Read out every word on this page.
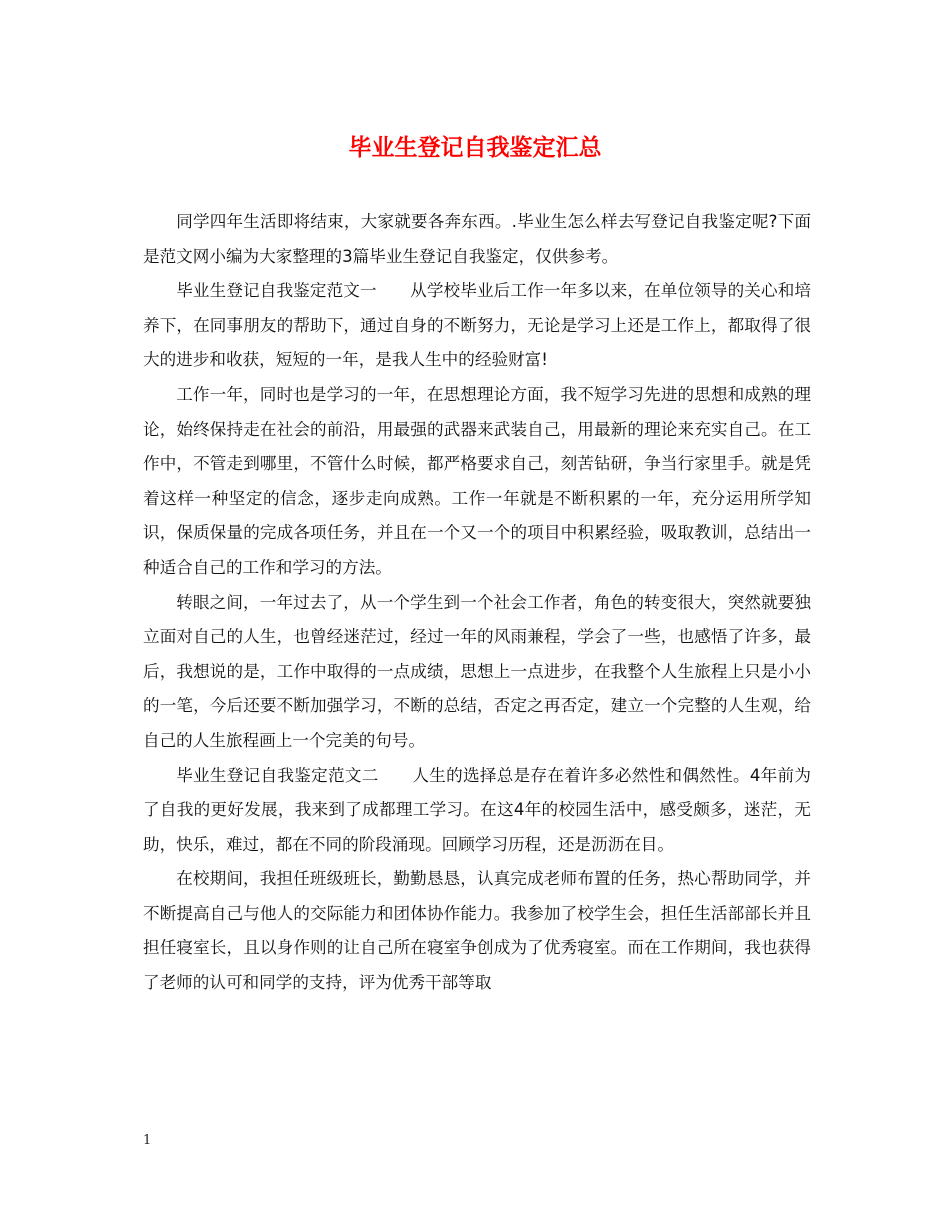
毕业生登记自我鉴定汇总

同学四年生活即将结束，大家就要各奔东西。.毕业生怎么样去写登记自我鉴定呢?下面是范文网小编为大家整理的3篇毕业生登记自我鉴定，仅供参考。

毕业生登记自我鉴定范文一　　从学校毕业后工作一年多以来，在单位领导的关心和培养下，在同事朋友的帮助下，通过自身的不断努力，无论是学习上还是工作上，都取得了很大的进步和收获，短短的一年，是我人生中的经验财富!

工作一年，同时也是学习的一年，在思想理论方面，我不短学习先进的思想和成熟的理论，始终保持走在社会的前沿，用最强的武器来武装自己，用最新的理论来充实自己。在工作中，不管走到哪里，不管什么时候，都严格要求自己，刻苦钻研，争当行家里手。就是凭着这样一种坚定的信念，逐步走向成熟。工作一年就是不断积累的一年，充分运用所学知识，保质保量的完成各项任务，并且在一个又一个的项目中积累经验，吸取教训，总结出一种适合自己的工作和学习的方法。

转眼之间，一年过去了，从一个学生到一个社会工作者，角色的转变很大，突然就要独立面对自己的人生，也曾经迷茫过，经过一年的风雨兼程，学会了一些，也感悟了许多，最后，我想说的是，工作中取得的一点成绩，思想上一点进步，在我整个人生旅程上只是小小的一笔，今后还要不断加强学习，不断的总结，否定之再否定，建立一个完整的人生观，给自己的人生旅程画上一个完美的句号。

毕业生登记自我鉴定范文二　　人生的选择总是存在着许多必然性和偶然性。4年前为了自我的更好发展，我来到了成都理工学习。在这4年的校园生活中，感受颇多，迷茫，无助，快乐，难过，都在不同的阶段涌现。回顾学习历程，还是沥沥在目。

在校期间，我担任班级班长，勤勤恳恳，认真完成老师布置的任务，热心帮助同学，并不断提高自己与他人的交际能力和团体协作能力。我参加了校学生会，担任生活部部长并且担任寝室长，且以身作则的让自己所在寝室争创成为了优秀寝室。而在工作期间，我也获得了老师的认可和同学的支持，评为优秀干部等取

1
